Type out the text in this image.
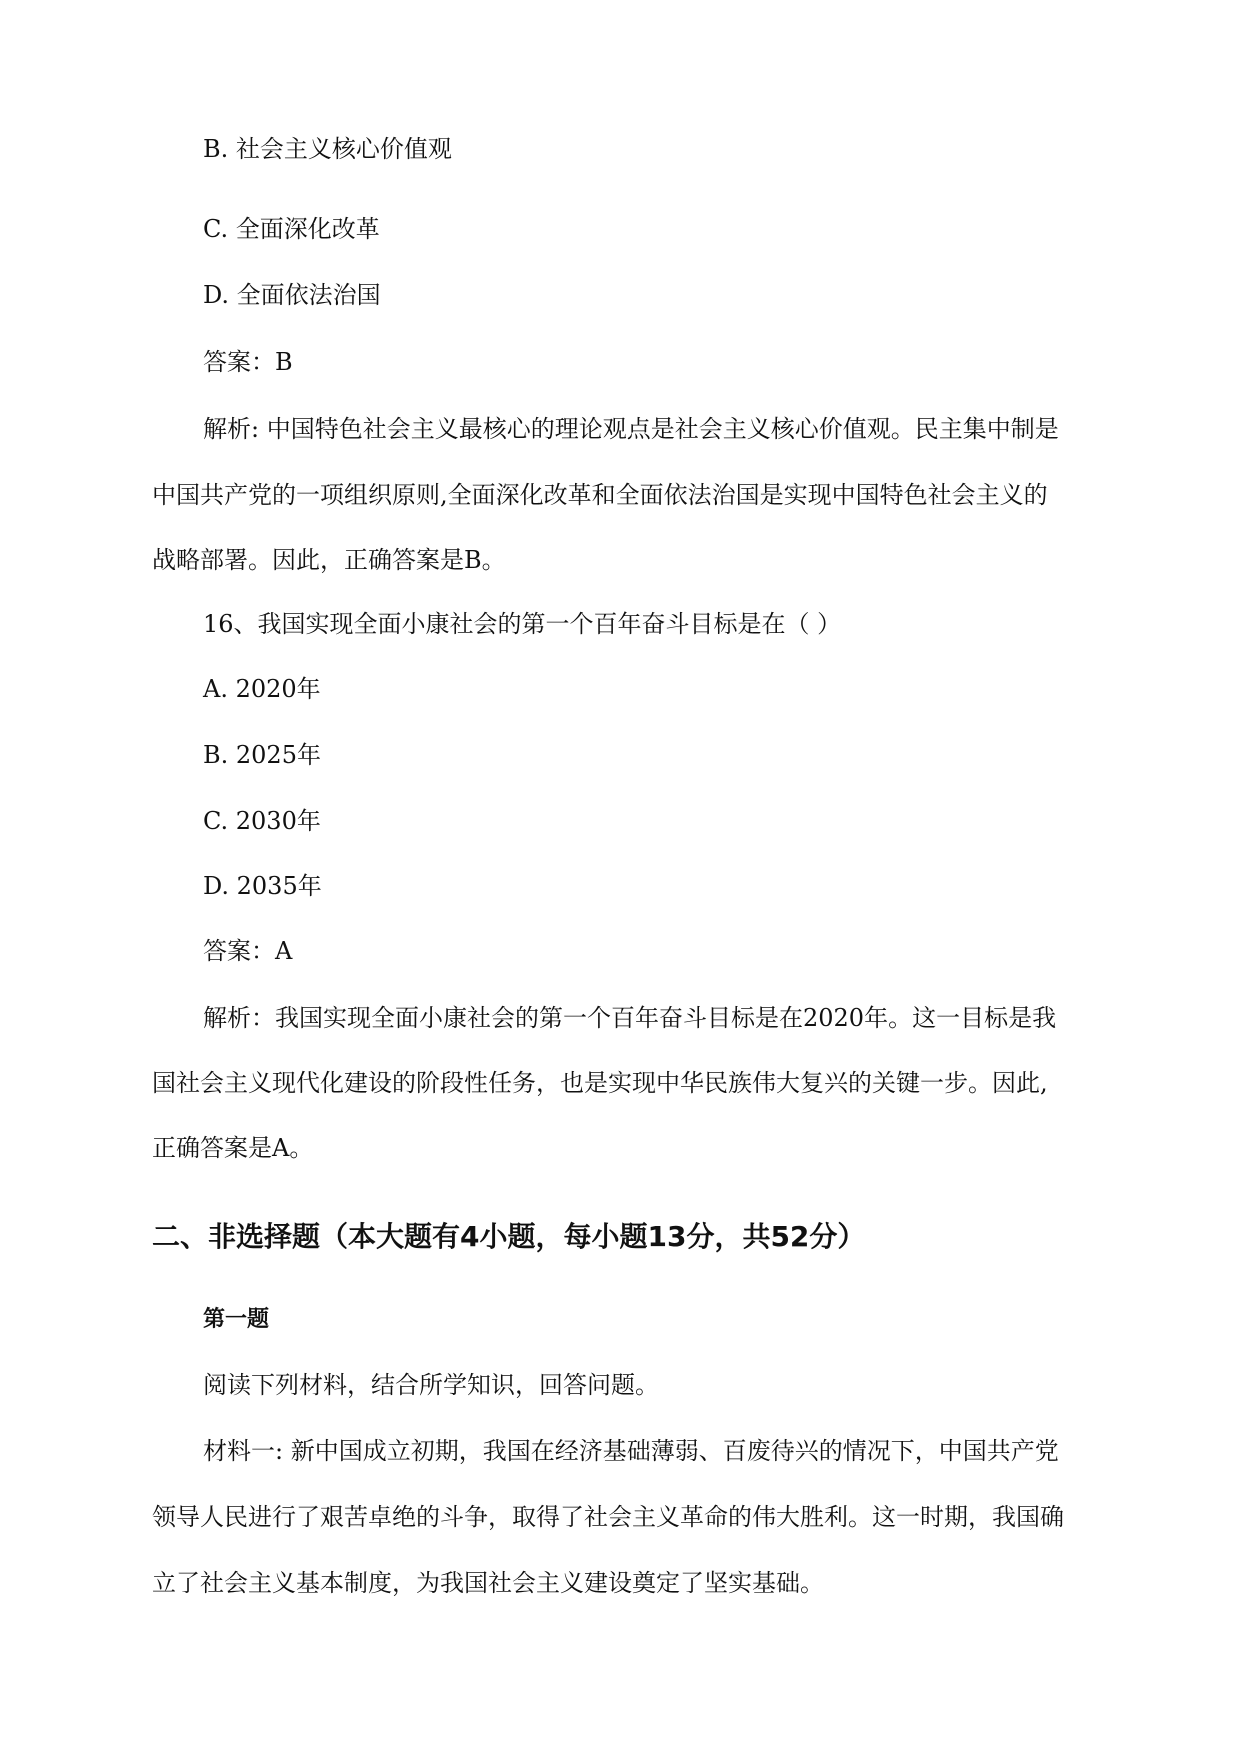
B. 社会主义核心价值观

C. 全面深化改革

D. 全面依法治国

答案：B

解析: 中国特色社会主义最核心的理论观点是社会主义核心价值观。民主集中制是

中国共产党的一项组织原则,全面深化改革和全面依法治国是实现中国特色社会主义的

战略部署。因此，正确答案是B。

16、我国实现全面小康社会的第一个百年奋斗目标是在（ ）

A. 2020年

B. 2025年

C. 2030年

D. 2035年

答案：A

解析：我国实现全面小康社会的第一个百年奋斗目标是在2020年。这一目标是我

国社会主义现代化建设的阶段性任务，也是实现中华民族伟大复兴的关键一步。因此,

正确答案是A。

二、非选择题（本大题有4小题，每小题13分，共52分）

第一题

阅读下列材料，结合所学知识，回答问题。

材料一: 新中国成立初期，我国在经济基础薄弱、百废待兴的情况下，中国共产党

领导人民进行了艰苦卓绝的斗争，取得了社会主义革命的伟大胜利。这一时期，我国确

立了社会主义基本制度，为我国社会主义建设奠定了坚实基础。
